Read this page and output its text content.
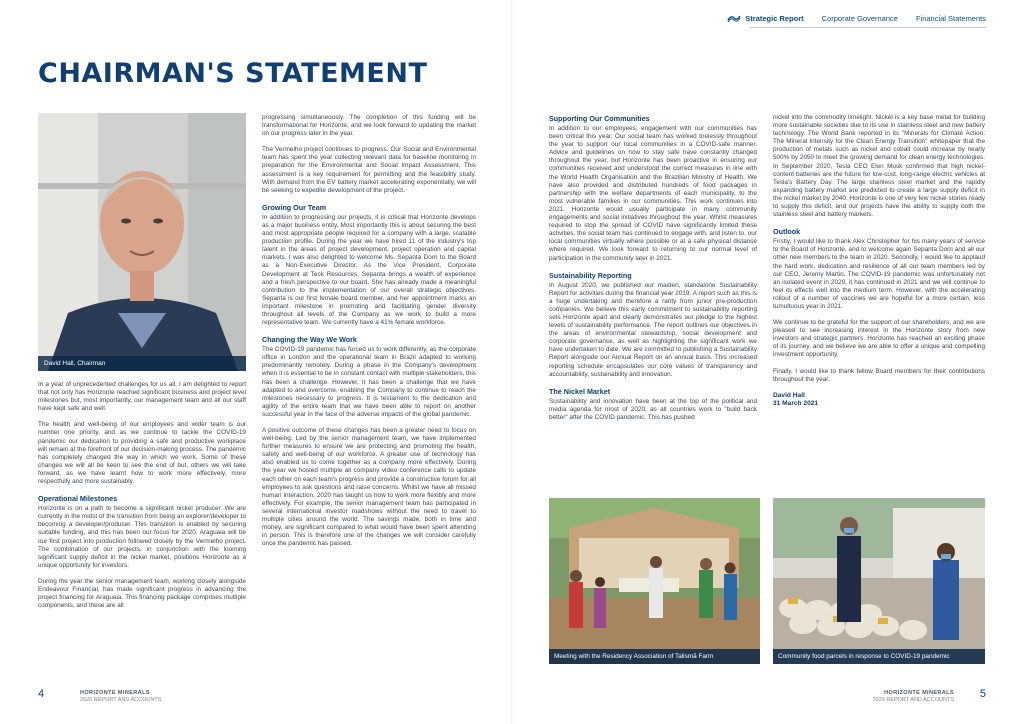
Strategic Report Corporate Governance Financial Statements
CHAIRMAN'S STATEMENT
David Hall, Chairman

In a year of unprecedented challenges for us all, I am delighted to report that not only has Horizonte reached significant business and project level milestones but, most importantly, our management team and all our staff have kept safe and well.

The health and well-being of our employees and wider team is our number one priority, and as we continue to tackle the COVID-19 pandemic our dedication to providing a safe and productive workplace will remain at the forefront of our decision-making process. The pandemic has completely changed the way in which we work. Some of these changes we will all be keen to see the end of but, others we will take forward, as we have learnt how to work more effectively, more respectfully and more sustainably.

Operational Milestones

Horizonte is on a path to become a significant nickel producer. We are currently in the midst of the transition from being an explorer/developer to becoming a developer/producer. This transition is enabled by securing suitable funding, and this has been our focus for 2020. Araguaia will be our first project into production followed closely by the Vermelho project. The combination of our projects, in conjunction with the looming significant supply deficit in the nickel market, positions Horizonte as a unique opportunity for investors.

During the year the senior management team, working closely alongside Endeavour Financial, has made significant progress in advancing the project financing for Araguaia. This financing package comprises multiple components, and these are all

progressing simultaneously. The completion of this funding will be transformational for Horizonte, and we look forward to updating the market on our progress later in the year.

The Vermelho project continues to progress. Our Social and Environmental team has spent the year collecting relevant data for baseline monitoring in preparation for the Environmental and Social Impact Assessment. This assessment is a key requirement for permitting and the feasibility study. With demand from the EV battery market accelerating exponentially, we will be seeking to expedite development of the project.

Growing Our Team

In addition to progressing our projects, it is critical that Horizonte develops as a major business entity. Most importantly this is about securing the best and most appropriate people required for a company with a large, scalable production profile. During the year we have hired 11 of the industry's top talent in the areas of project development, project operation and capital markets. I was also delighted to welcome Ms. Sepanta Dorri to the Board as a Non-Executive Director. As the Vice President, Corporate Development at Teck Resources, Sepanta brings a wealth of experience and a fresh perspective to our board. She has already made a meaningful contribution to the implementation of our overall strategic objectives. Sepanta is our first female board member, and her appointment marks an important milestone in promoting and facilitating gender diversity throughout all levels of the Company as we work to build a more representative team. We currently have a 41% female workforce.

Changing the Way We Work

The COVID-19 pandemic has forced us to work differently, as the corporate office in London and the operational team in Brazil adapted to working predominantly remotely. During a phase in the Company's development when it is essential to be in constant contact with multiple stakeholders, this has been a challenge. However, it has been a challenge that we have adapted to and overcome, enabling the Company to continue to reach the milestones necessary to progress. It is testament to the dedication and agility of the entire team that we have been able to report on another successful year in the face of the adverse impacts of the global pandemic.

A positive outcome of these changes has been a greater need to focus on well-being. Led by the senior management team, we have implemented further measures to ensure we are protecting and promoting the health, safety and well-being of our workforce. A greater use of technology has also enabled us to come together as a company more effectively. During the year we hosted multiple all company video conference calls to update each other on each team's progress and provide a constructive forum for all employees to ask questions and raise concerns. Whilst we have all missed human interaction, 2020 has taught us how to work more flexibly and more effectively. For example, the senior management team has participated in several international investor roadshows without the need to travel to multiple cities around the world. The savings made, both in time and money, are significant compared to what would have been spent attending in person. This is therefore one of the changes we will consider carefully once the pandemic has passed.

Supporting Our Communities

In addition to our employees, engagement with our communities has been critical this year. Our social team has worked tirelessly throughout the year to support our local communities in a COVID-safe manner. Advice and guidelines on how to stay safe have constantly changed throughout the year, but Horizonte has been proactive in ensuring our communities received and understood the correct measures in line with the World Health Organisation and the Brazilian Ministry of Health. We have also provided and distributed hundreds of food packages in partnership with the welfare departments of each municipality, to the most vulnerable families in our communities. This work continues into 2021. Horizonte would usually participate in many community engagements and social initiatives throughout the year. Whilst measures required to stop the spread of COVID have significantly limited these activities, the social team has continued to engage with, and listen to, our local communities virtually where possible or at a safe physical distance where required. We look forward to returning to our normal level of participation in the community later in 2021.

Sustainability Reporting

In August 2020, we published our maiden, standalone Sustainability Report for activities during the financial year 2019. A report such as this is a huge undertaking and therefore a rarity from junior pre-production companies. We believe this early commitment to sustainability reporting sets Horizonte apart and clearly demonstrates our pledge to the highest levels of sustainability performance. The report outlines our objectives in the areas of environmental stewardship, social development and corporate governance, as well as highlighting the significant work we have undertaken to date. We are committed to publishing a Sustainability Report alongside our Annual Report on an annual basis. This increased reporting schedule encapsulates our core values of transparency and accountability, sustainability and innovation.

The Nickel Market

Sustainability and innovation have been at the top of the political and media agenda for most of 2020, as all countries work to "build back better" after the COVID pandemic. This has pushed

nickel into the commodity limelight. Nickel is a key base metal for building more sustainable societies due to its use in stainless steel and new battery technology. The World Bank reported in its "Minerals for Climate Action: The Mineral Intensity for the Clean Energy Transition" whitepaper that the production of metals such as nickel and cobalt could increase by nearly 500% by 2050 to meet the growing demand for clean energy technologies. In September 2020, Tesla CEO Elon Musk confirmed that high nickel-content batteries are the future for low-cost, long-range electric vehicles at Tesla's Battery Day. The large stainless steel market and the rapidly expanding battery market are predicted to create a large supply deficit in the nickel market by 2040. Horizonte is one of very few nickel stories ready to supply this deficit, and our projects have the ability to supply both the stainless steel and battery markets.

Outlook

Firstly, I would like to thank Alex Christopher for his many years of service to the Board of Horizonte, and to welcome again Sepanta Dorri and all our other new members to the team in 2020. Secondly, I would like to applaud the hard work, dedication and resilience of all our team members led by our CEO, Jeremy Martin. The COVID-19 pandemic was unfortunately not an isolated event in 2020, it has continued in 2021 and we will continue to feel its effects well into the medium term. However, with the accelerating rollout of a number of vaccines we are hopeful for a more certain, less tumultuous year in 2021.

We continue to be grateful for the support of our shareholders, and we are pleased to see increasing interest in the Horizonte story from new investors and strategic partners. Horizonte has reached an exciting phase of its journey, and we believe we are able to offer a unique and compelling investment opportunity.

Finally, I would like to thank fellow Board members for their contributions throughout the year.

David Hall
31 March 2021
Meeting with the Residency Association of Talismã Farm	Community food parcels in response to COVID-19 pandemic
4	HORIZONTE MINERALS
2020 REPORT AND ACCOUNTS
HORIZONTE MINERALS
2020 REPORT AND ACCOUNTS 5
